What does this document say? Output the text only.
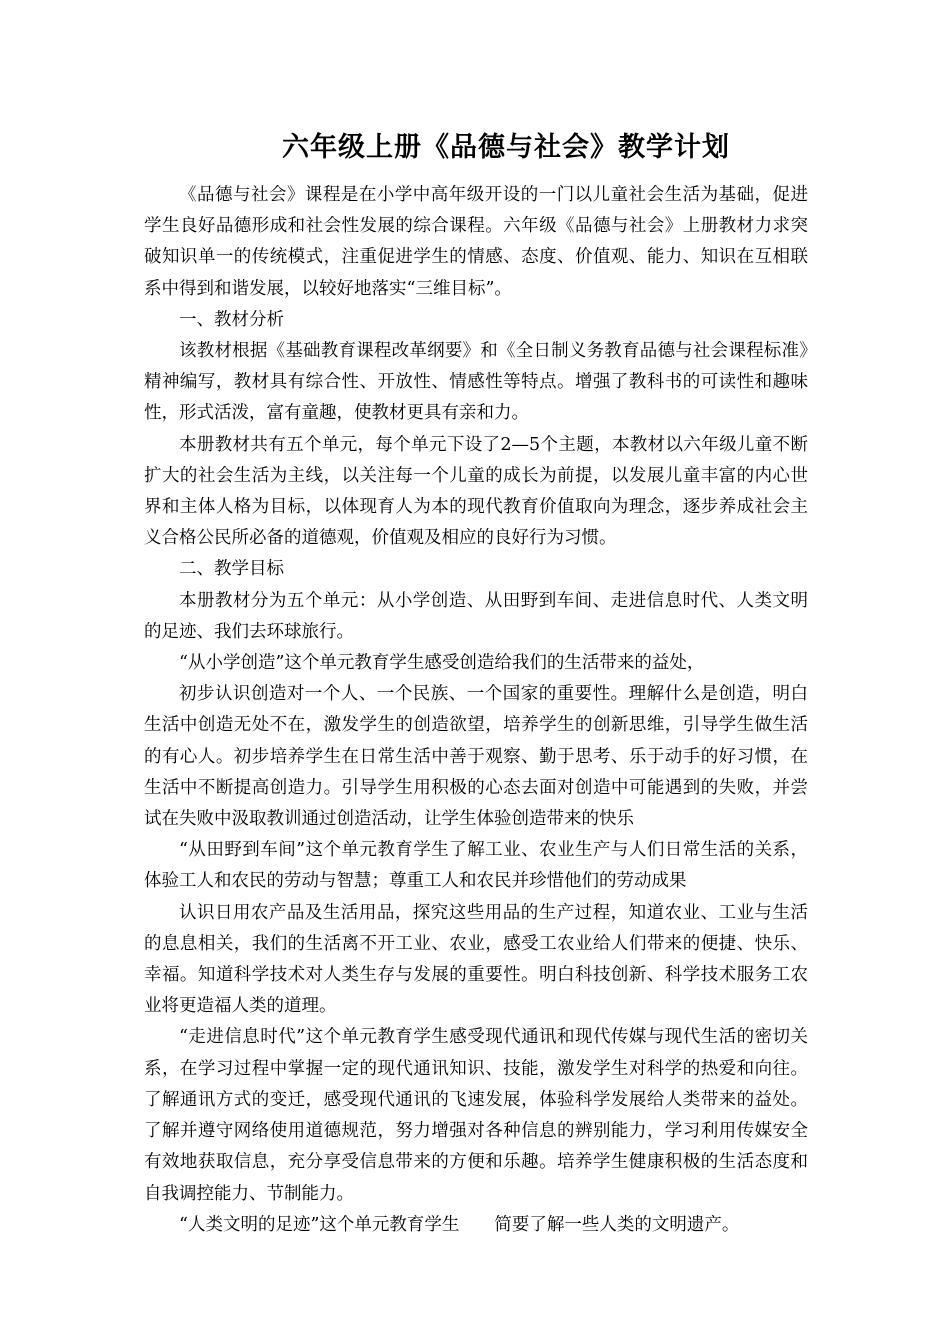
六年级上册《品德与社会》教学计划

《品德与社会》课程是在小学中高年级开设的一门以儿童社会生活为基础，促进学生良好品德形成和社会性发展的综合课程。六年级《品德与社会》上册教材力求突破知识单一的传统模式，注重促进学生的情感、态度、价值观、能力、知识在互相联系中得到和谐发展，以较好地落实“三维目标”。

一、教材分析

该教材根据《基础教育课程改革纲要》和《全日制义务教育品德与社会课程标准》精神编写，教材具有综合性、开放性、情感性等特点。增强了教科书的可读性和趣味性，形式活泼，富有童趣，使教材更具有亲和力。

本册教材共有五个单元，每个单元下设了2—5个主题，本教材以六年级儿童不断扩大的社会生活为主线，以关注每一个儿童的成长为前提，以发展儿童丰富的内心世界和主体人格为目标，以体现育人为本的现代教育价值取向为理念，逐步养成社会主义合格公民所必备的道德观，价值观及相应的良好行为习惯。

二、教学目标

本册教材分为五个单元：从小学创造、从田野到车间、走进信息时代、人类文明的足迹、我们去环球旅行。

“从小学创造”这个单元教育学生感受创造给我们的生活带来的益处，

初步认识创造对一个人、一个民族、一个国家的重要性。理解什么是创造，明白生活中创造无处不在，激发学生的创造欲望，培养学生的创新思维，引导学生做生活的有心人。初步培养学生在日常生活中善于观察、勤于思考、乐于动手的好习惯，在生活中不断提高创造力。引导学生用积极的心态去面对创造中可能遇到的失败，并尝试在失败中汲取教训通过创造活动，让学生体验创造带来的快乐

“从田野到车间”这个单元教育学生了解工业、农业生产与人们日常生活的关系，体验工人和农民的劳动与智慧；尊重工人和农民并珍惜他们的劳动成果

认识日用农产品及生活用品，探究这些用品的生产过程，知道农业、工业与生活的息息相关，我们的生活离不开工业、农业，感受工农业给人们带来的便捷、快乐、幸福。知道科学技术对人类生存与发展的重要性。明白科技创新、科学技术服务工农业将更造福人类的道理。

“走进信息时代”这个单元教育学生感受现代通讯和现代传媒与现代生活的密切关系，在学习过程中掌握一定的现代通讯知识、技能，激发学生对科学的热爱和向往。了解通讯方式的变迁，感受现代通讯的飞速发展，体验科学发展给人类带来的益处。了解并遵守网络使用道德规范，努力增强对各种信息的辨别能力，学习利用传媒安全有效地获取信息，充分享受信息带来的方便和乐趣。培养学生健康积极的生活态度和自我调控能力、节制能力。

“人类文明的足迹”这个单元教育学生　　简要了解一些人类的文明遗产。
